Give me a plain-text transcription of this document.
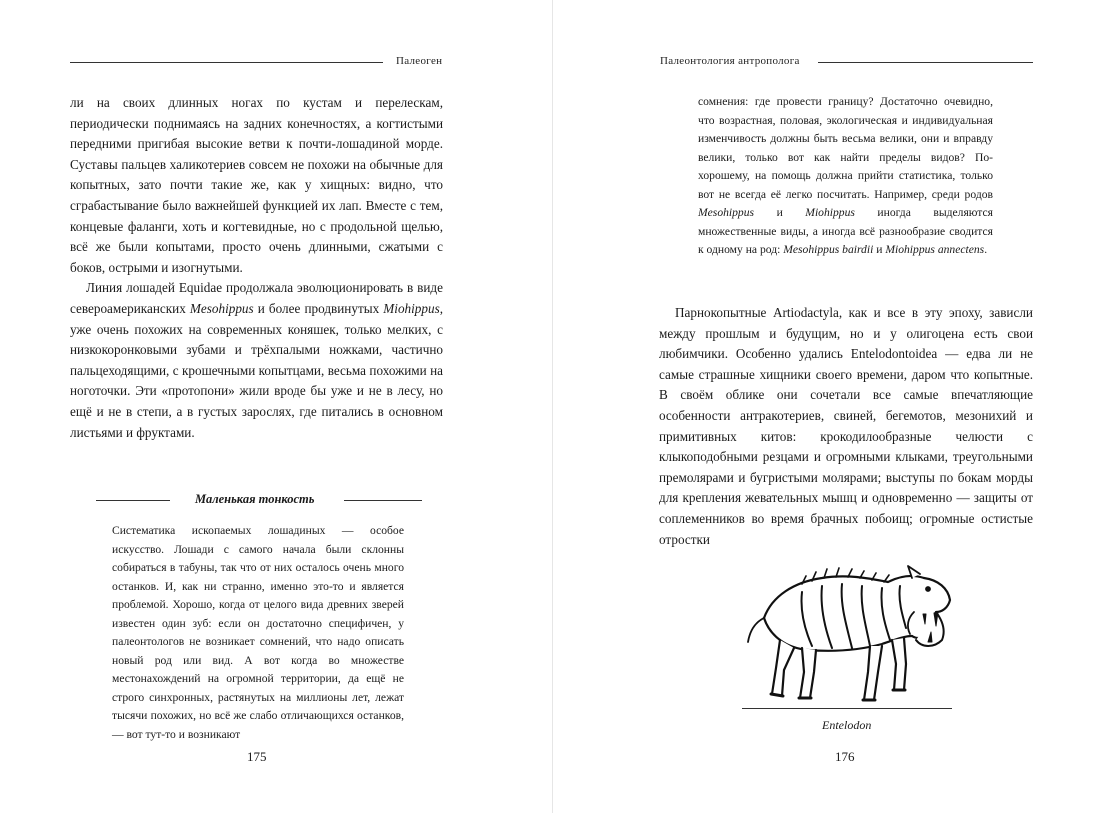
Палеоген

ли на своих длинных ногах по кустам и перелескам, периодически поднимаясь на задних конечностях, а когтистыми передними пригибая высокие ветви к почти-лошадиной морде. Суставы пальцев халикотериев совсем не похожи на обычные для копытных, зато почти такие же, как у хищных: видно, что сграбастывание было важнейшей функцией их лап. Вместе с тем, концевые фаланги, хоть и когтевидные, но с продольной щелью, всё же были копытами, просто очень длинными, сжатыми с боков, острыми и изогнутыми.

Линия лошадей Equidae продолжала эволюционировать в виде североамериканских Mesohippus и более продвинутых Miohippus, уже очень похожих на современных коняшек, только мелких, с низкокоронковыми зубами и трёхпалыми ножками, частично пальцеходящими, с крошечными копытцами, весьма похожими на ноготочки. Эти «протопони» жили вроде бы уже и не в лесу, но ещё и не в степи, а в густых зарослях, где питались в основном листьями и фруктами.

Маленькая тонкость

Систематика ископаемых лошадиных — особое искусство. Лошади с самого начала были склонны собираться в табуны, так что от них осталось очень много останков. И, как ни странно, именно это-то и является проблемой. Хорошо, когда от целого вида древних зверей известен один зуб: если он достаточно специфичен, у палеонтологов не возникает сомнений, что надо описать новый род или вид. А вот когда во множестве местонахождений на огромной территории, да ещё не строго синхронных, растянутых на миллионы лет, лежат тысячи похожих, но всё же слабо отличающихся останков, — вот тут-то и возникают

175
Палеонтология антрополога

сомнения: где провести границу? Достаточно очевидно, что возрастная, половая, экологическая и индивидуальная изменчивость должны быть весьма велики, они и вправду велики, только вот как найти пределы видов? По-хорошему, на помощь должна прийти статистика, только вот не всегда её легко посчитать. Например, среди родов Mesohippus и Miohippus иногда выделяются множественные виды, а иногда всё разнообразие сводится к одному на род: Mesohippus bairdii и Miohippus annectens.

Парнокопытные Artiodactyla, как и все в эту эпоху, зависли между прошлым и будущим, но и у олигоцена есть свои любимчики. Особенно удались Entelodontoidea — едва ли не самые страшные хищники своего времени, даром что копытные. В своём облике они сочетали все самые впечатляющие особенности антракотериев, свиней, бегемотов, мезонихий и примитивных китов: крокодилообразные челюсти с клыкоподобными резцами и огромными клыками, треугольными премолярами и бугристыми молярами; выступы по бокам морды для крепления жевательных мышц и одновременно — защиты от соплеменников во время брачных побоищ; огромные остистые отростки

Entelodon
176
